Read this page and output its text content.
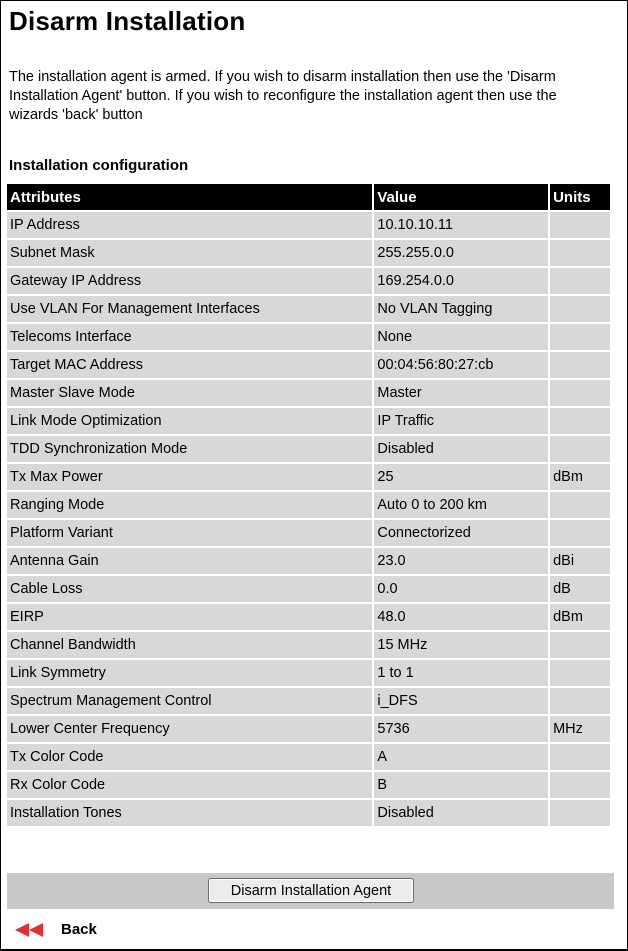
Disarm Installation

The installation agent is armed. If you wish to disarm installation then use the 'Disarm Installation Agent' button. If you wish to reconfigure the installation agent then use the wizards 'back' button

Installation configuration

Attributes	Value	Units
IP Address	10.10.10.11	
Subnet Mask	255.255.0.0	
Gateway IP Address	169.254.0.0	
Use VLAN For Management Interfaces	No VLAN Tagging	
Telecoms Interface	None	
Target MAC Address	00:04:56:80:27:cb	
Master Slave Mode	Master	
Link Mode Optimization	IP Traffic	
TDD Synchronization Mode	Disabled	
Tx Max Power	25	dBm
Ranging Mode	Auto 0 to 200 km	
Platform Variant	Connectorized	
Antenna Gain	23.0	dBi
Cable Loss	0.0	dB
EIRP	48.0	dBm
Channel Bandwidth	15 MHz	
Link Symmetry	1 to 1	
Spectrum Management Control	i_DFS	
Lower Center Frequency	5736	MHz
Tx Color Code	A	
Rx Color Code	B	
Installation Tones	Disabled	
Disarm Installation Agent
Back
